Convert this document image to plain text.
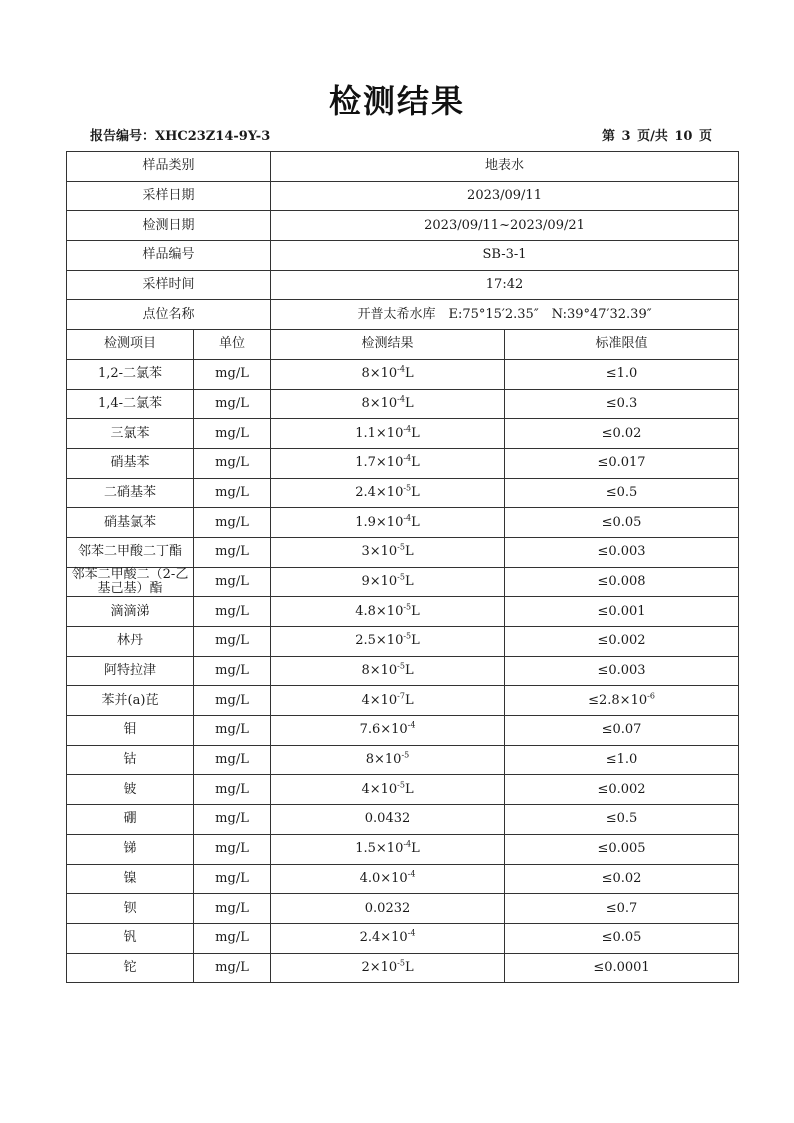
检测结果
报告编号：XHC23Z14-9Y-3	第 3 页/共 10 页
样品类别		地表水	
采样日期		2023/09/11	
检测日期		2023/09/11~2023/09/21	
样品编号		SB-3-1	
采样时间		17:42	
点位名称		开普太希水库　E:75°15′2.35″　N:39°47′32.39″	
检测项目	单位	检测结果	标准限值
1,2-二氯苯	mg/L	$8\times 10^{-4}L$	≤1.0
1,4-二氯苯	mg/L	$8\times 10^{-4}L$	≤0.3
三氯苯	mg/L	$1.1\times 10^{-4}L$	≤0.02
硝基苯	mg/L	$1.7\times 10^{-4}L$	≤0.017
二硝基苯	mg/L	$2.4\times 10^{-5}L$	≤0.5
硝基氯苯	mg/L	$1.9\times 10^{-4}L$	≤0.05
邻苯二甲酸二丁酯	mg/L	$3\times 10^{-5}L$	≤0.003
邻苯二甲酸二（2-乙基己基）酯	mg/L	$9\times 10^{-5}L$	≤0.008
滴滴涕	mg/L	$4.8\times 10^{-5}L$	≤0.001
林丹	mg/L	$2.5\times 10^{-5}L$	≤0.002
阿特拉津	mg/L	$8\times 10^{-5}L$	≤0.003
苯并(a)芘	mg/L	$4\times 10^{-7}L$	$\le 2.8\times 10^{-6}$
钼	mg/L	$7.6\times 10^{-4}$	≤0.07
钴	mg/L	$8\times 10^{-5}$	≤1.0
铍	mg/L	$4\times 10^{-5}L$	≤0.002
硼	mg/L	0.0432	≤0.5
锑	mg/L	$1.5\times 10^{-4}L$	≤0.005
镍	mg/L	$4.0\times 10^{-4}$	≤0.02
钡	mg/L	0.0232	≤0.7
钒	mg/L	$2.4\times 10^{-4}$	≤0.05
铊	mg/L	$2\times 10^{-5}L$	≤0.0001
